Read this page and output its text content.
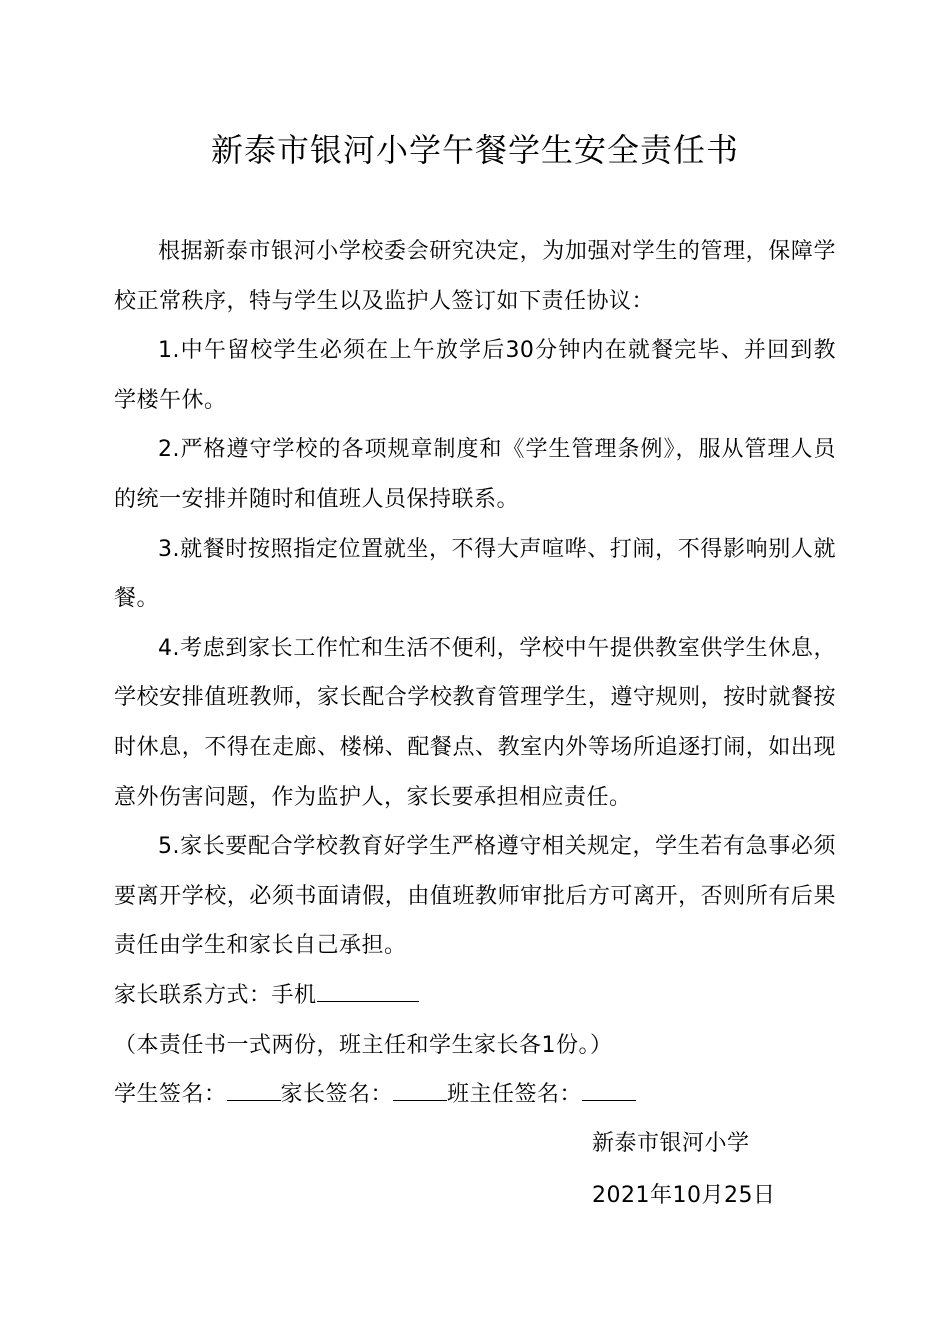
新泰市银河小学午餐学生安全责任书

根据新泰市银河小学校委会研究决定，为加强对学生的管理，保障学校正常秩序，特与学生以及监护人签订如下责任协议：

1.中午留校学生必须在上午放学后30分钟内在就餐完毕、并回到教学楼午休。

2.严格遵守学校的各项规章制度和《学生管理条例》，服从管理人员的统一安排并随时和值班人员保持联系。

3.就餐时按照指定位置就坐，不得大声喧哗、打闹，不得影响别人就餐。

4.考虑到家长工作忙和生活不便利，学校中午提供教室供学生休息，学校安排值班教师，家长配合学校教育管理学生，遵守规则，按时就餐按时休息，不得在走廊、楼梯、配餐点、教室内外等场所追逐打闹，如出现意外伤害问题，作为监护人，家长要承担相应责任。

5.家长要配合学校教育好学生严格遵守相关规定，学生若有急事必须要离开学校，必须书面请假，由值班教师审批后方可离开，否则所有后果责任由学生和家长自己承担。

家长联系方式：手机

（本责任书一式两份，班主任和学生家长各1份。）

学生签名： 家长签名： 班主任签名：

新泰市银河小学
2021年10月25日
